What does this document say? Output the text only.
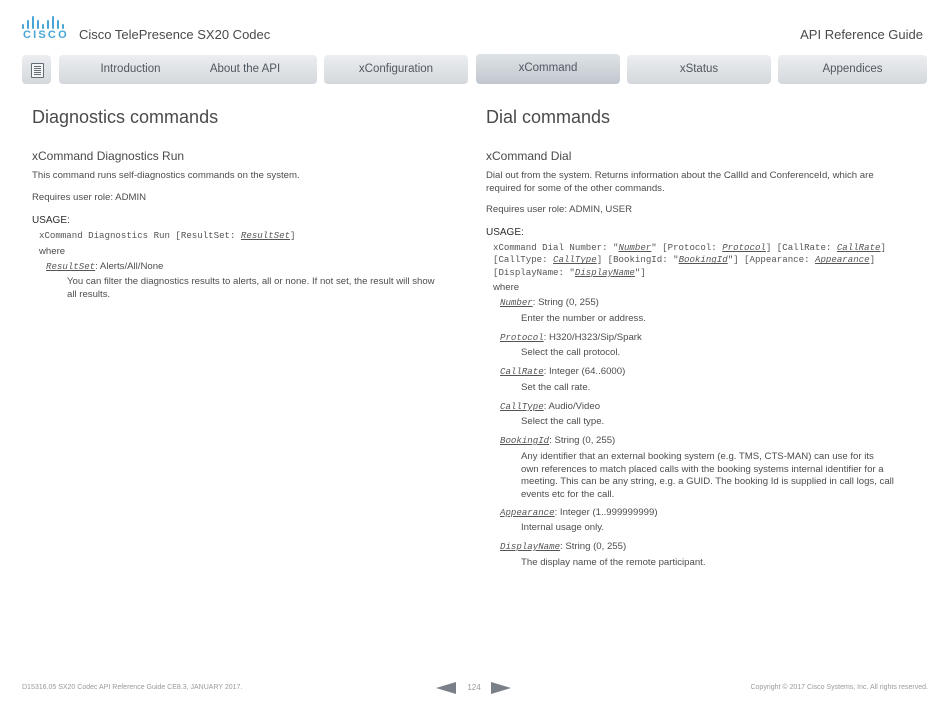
CISCO Cisco TelePresence SX20 Codec	API Reference Guide
Introduction	About the API	xConfiguration	xCommand	xStatus	Appendices
Diagnostics commands
xCommand Diagnostics Run

This command runs self-diagnostics commands on the system.

Requires user role: ADMIN

USAGE:

xCommand Diagnostics Run [ResultSet: ResultSet]

where

ResultSet: Alerts/All/None

You can filter the diagnostics results to alerts, all or none. If not set, the result will show
all results.

Dial commands
xCommand Dial

Dial out from the system. Returns information about the CallId and ConferenceId, which are
required for some of the other commands.

Requires user role: ADMIN, USER

USAGE:

xCommand Dial Number: "Number" [Protocol: Protocol] [CallRate: CallRate]
[CallType: CallType] [BookingId: "BookingId"] [Appearance: Appearance]
[DisplayName: "DisplayName"]

where

Number: String (0, 255)

Enter the number or address.

Protocol: H320/H323/Sip/Spark

Select the call protocol.

CallRate: Integer (64..6000)

Set the call rate.

CallType: Audio/Video

Select the call type.

BookingId: String (0, 255)

Any identifier that an external booking system (e.g. TMS, CTS-MAN) can use for its
own references to match placed calls with the booking systems internal identifier for a
meeting. This can be any string, e.g. a GUID. The booking Id is supplied in call logs, call
events etc for the call.

Appearance: Integer (1..999999999)

Internal usage only.

DisplayName: String (0, 255)

The display name of the remote participant.

D15316.05 SX20 Codec API Reference Guide CE8.3, JANUARY 2017.	124	Copyright © 2017 Cisco Systems, Inc. All rights reserved.
